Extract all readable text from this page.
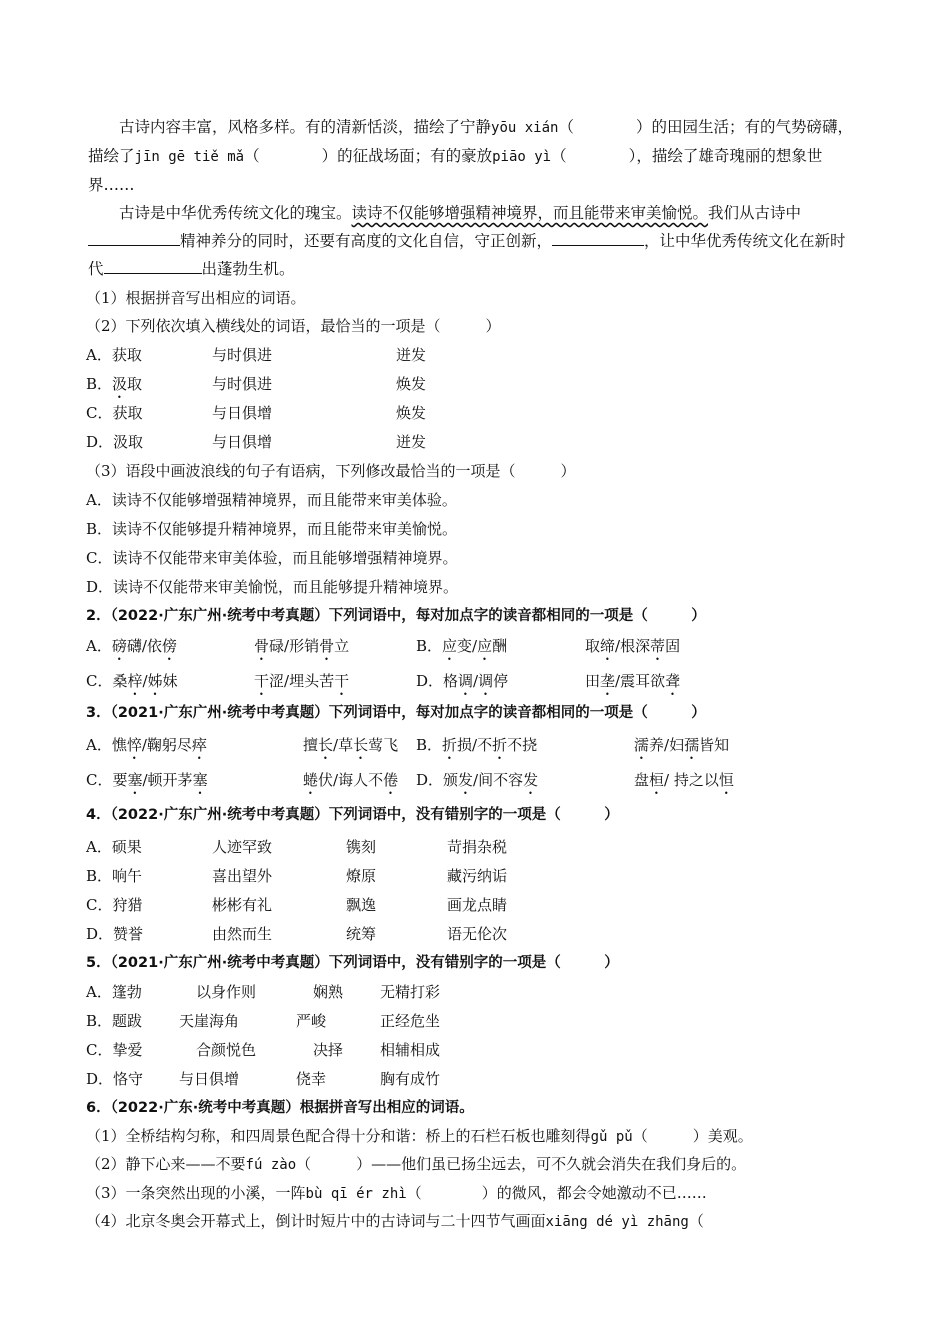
古诗内容丰富，风格多样。有的清新恬淡，描绘了宁静yōu xián（　　　　）的田园生活；有的气势磅礴，描绘了jīn gē tiě mǎ（　　　　）的征战场面；有的豪放piāo yì（　　　　），描绘了雄奇瑰丽的想象世界……

古诗是中华优秀传统文化的瑰宝。读诗不仅能够增强精神境界，而且能带来审美愉悦。我们从古诗中精神养分的同时，还要有高度的文化自信，守正创新，	，让中华优秀传统文化在新时代	出蓬勃生机。

（1）根据拼音写出相应的词语。
（2）下列依次填入横线处的词语，最恰当的一项是（　　　）
A．获取	与时俱进	迸发
B．汲取	与时俱进	焕发
C．获取	与日俱增	焕发
D．汲取	与日俱增	迸发
（3）语段中画波浪线的句子有语病，下列修改最恰当的一项是（　　　）
A．读诗不仅能够增强精神境界，而且能带来审美体验。
B．读诗不仅能够提升精神境界，而且能带来审美愉悦。
C．读诗不仅能带来审美体验，而且能够增强精神境界。
D．读诗不仅能带来审美愉悦，而且能够提升精神境界。
2．（2022·广东广州·统考中考真题）下列词语中，每对加点字的读音都相同的一项是（　　　）
A．磅礴/依傍	骨碌/形销骨立	B．应变/应酬	取缔/根深蒂固
C．桑梓/姊妹	干涩/埋头苦干	D．格调/调停	田垄/震耳欲聋
3．（2021·广东广州·统考中考真题）下列词语中，每对加点字的读音都相同的一项是（　　　）
A．憔悴/鞠躬尽瘁	擅长/草长莺飞 B．折损/不折不挠	濡养/妇孺皆知
C．要塞/顿开茅塞	蜷伏/诲人不倦 D．颁发/间不容发	盘桓/ 持之以恒
4．（2022·广东广州·统考中考真题）下列词语中，没有错别字的一项是（　　　）
A．硕果	人迹罕致	镌刻	苛捐杂税
B．响午	喜出望外	燎原	藏污纳诟
C．狩猎	彬彬有礼	飘逸	画龙点睛
D．赞誉	由然而生	统筹	语无伦次
5．（2021·广东广州·统考中考真题）下列词语中，没有错别字的一项是（　　　）
A．篷勃	以身作则	娴熟 无精打彩
B．题跋 天崖海角	严峻	正经危坐
C．挚爱	合颜悦色	决择 相辅相成
D．恪守 与日俱增	侥幸	胸有成竹
6．（2022·广东·统考中考真题）根据拼音写出相应的词语。
（1）全桥结构匀称，和四周景色配合得十分和谐：桥上的石栏石板也雕刻得gǔ pǔ（　　　）美观。
（2）静下心来——不要fú zào（　　　）——他们虽已扬尘远去，可不久就会消失在我们身后的。
（3）一条突然出现的小溪，一阵bù qī ér zhì（　　　　）的微风，都会令她激动不已……
（4）北京冬奥会开幕式上，倒计时短片中的古诗词与二十四节气画面xiāng dé yì zhāng（
